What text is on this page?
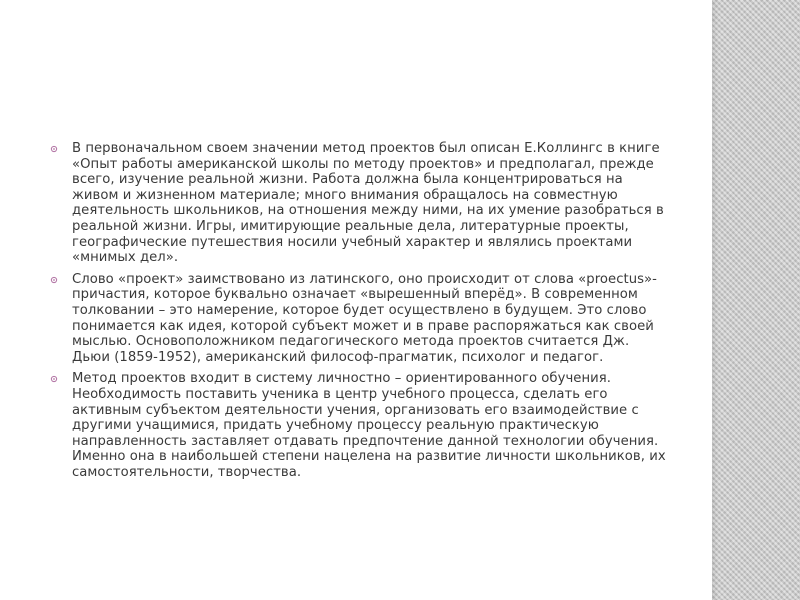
В первоначальном своем значении метод проектов был описан Е.Коллингс в книге «Опыт работы американской школы по методу проектов» и предполагал, прежде всего, изучение реальной жизни. Работа должна была концентрироваться на живом и жизненном материале; много внимания обращалось на совместную деятельность школьников, на отношения между ними, на их умение разобраться в реальной жизни. Игры, имитирующие реальные дела, литературные проекты, географические путешествия носили учебный характер и являлись проектами «мнимых дел».
Слово «проект» заимствовано из латинского, оно происходит от слова «proectus»-причастия, которое буквально означает «вырешенный вперёд». В современном толковании – это намерение, которое будет осуществлено в будущем. Это слово понимается как идея, которой субъект может и в праве распоряжаться как своей мыслью. Основоположником педагогического метода проектов считается Дж. Дьюи (1859-1952), американский философ-прагматик, психолог и педагог.
Метод проектов входит в систему личностно – ориентированного обучения. Необходимость поставить ученика в центр учебного процесса, сделать его активным субъектом деятельности учения, организовать его взаимодействие с другими учащимися, придать учебному процессу реальную практическую направленность заставляет отдавать предпочтение данной технологии обучения. Именно она в наибольшей степени нацелена на развитие личности школьников, их самостоятельности, творчества.
